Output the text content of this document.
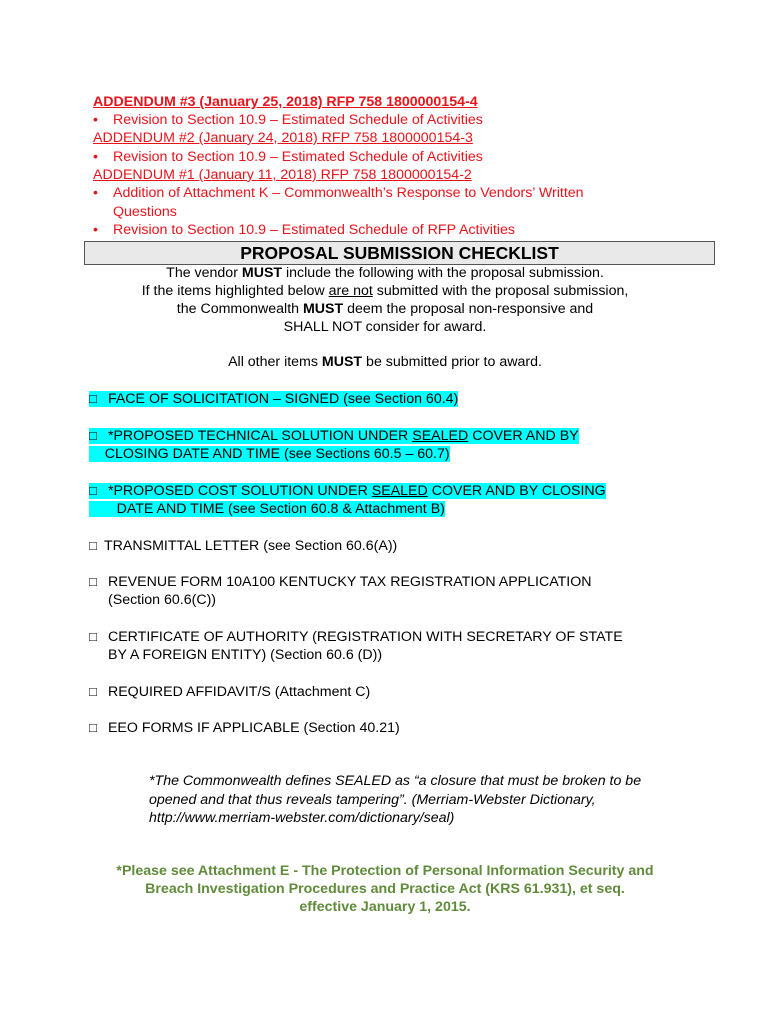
ADDENDUM #3 (January 25, 2018) RFP 758 1800000154-4
• Revision to Section 10.9 – Estimated Schedule of Activities
ADDENDUM #2 (January 24, 2018) RFP 758 1800000154-3
• Revision to Section 10.9 – Estimated Schedule of Activities
ADDENDUM #1 (January 11, 2018) RFP 758 1800000154-2
• Addition of Attachment K – Commonwealth’s Response to Vendors’ Written
Questions
• Revision to Section 10.9 – Estimated Schedule of RFP Activities
PROPOSAL SUBMISSION CHECKLIST
The vendor MUST include the following with the proposal submission.
If the items highlighted below are not submitted with the proposal submission,
the Commonwealth MUST deem the proposal non-responsive and
SHALL NOT consider for award.
All other items MUST be submitted prior to award.
□ FACE OF SOLICITATION – SIGNED (see Section 60.4)
□ *PROPOSED TECHNICAL SOLUTION UNDER SEALED COVER AND BY
CLOSING DATE AND TIME (see Sections 60.5 – 60.7)
□ *PROPOSED COST SOLUTION UNDER SEALED COVER AND BY CLOSING
DATE AND TIME (see Section 60.8 & Attachment B)
□ TRANSMITTAL LETTER (see Section 60.6(A))
□ REVENUE FORM 10A100 KENTUCKY TAX REGISTRATION APPLICATION
(Section 60.6(C))
□ CERTIFICATE OF AUTHORITY (REGISTRATION WITH SECRETARY OF STATE
BY A FOREIGN ENTITY) (Section 60.6 (D))
□ REQUIRED AFFIDAVIT/S (Attachment C)
□ EEO FORMS IF APPLICABLE (Section 40.21)
*The Commonwealth defines SEALED as “a closure that must be broken to be
opened and that thus reveals tampering”. (Merriam-Webster Dictionary,
http://www.merriam-webster.com/dictionary/seal)
*Please see Attachment E - The Protection of Personal Information Security and
Breach Investigation Procedures and Practice Act (KRS 61.931), et seq.
effective January 1, 2015.
